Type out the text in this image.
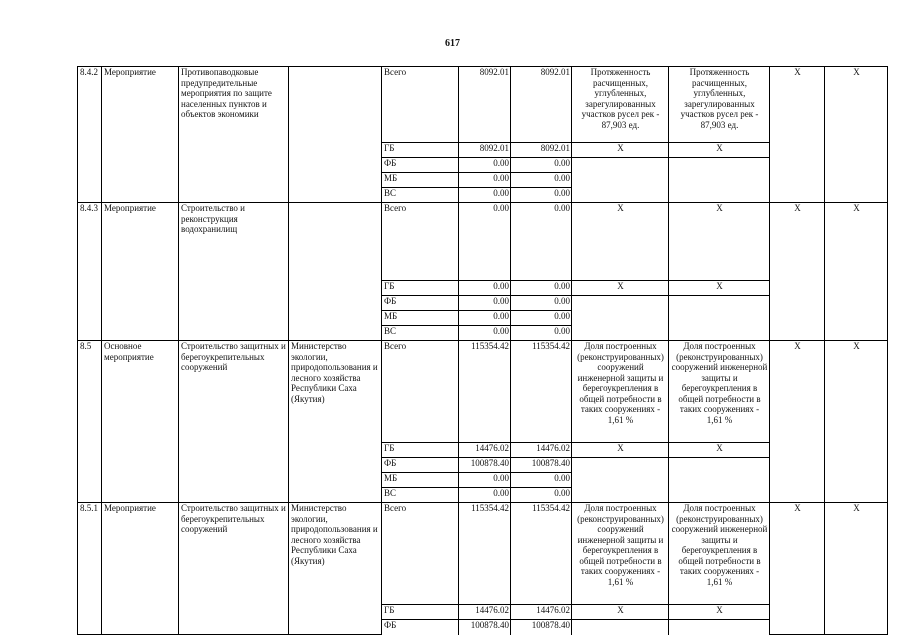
617
8.4.2	Мероприятие	Противопаводковые предупредительные мероприятия по защите населенных пунктов и объектов экономики		Всего	8092.01	8092.01	Протяженность расчищенных, углубленных, зарегулированных участков русел рек - 87,903 ед.	Протяженность расчищенных, углубленных, зарегулированных участков русел рек - 87,903 ед.	X	X
				ГБ	8092.01	8092.01	X	X		
				ФБ	0.00	0.00				
				МБ	0.00	0.00				
				ВС	0.00	0.00				
8.4.3	Мероприятие	Строительство и реконструкция водохранилищ		Всего	0.00	0.00	X	X	X	X
				ГБ	0.00	0.00	X	X		
				ФБ	0.00	0.00				
				МБ	0.00	0.00				
				ВС	0.00	0.00				
8.5	Основное мероприятие	Строительство защитных и берегоукрепительных сооружений	Министерство экологии, природопользования и лесного хозяйства Республики Саха (Якутия)	Всего	115354.42	115354.42	Доля построенных (реконструированных) сооружений инженерной защиты и берегоукрепления в общей потребности в таких сооружениях - 1,61 %	Доля построенных (реконструированных) сооружений инженерной защиты и берегоукрепления в общей потребности в таких сооружениях - 1,61 %	X	X
				ГБ	14476.02	14476.02	X	X		
				ФБ	100878.40	100878.40				
				МБ	0.00	0.00				
				ВС	0.00	0.00				
8.5.1	Мероприятие	Строительство защитных и берегоукрепительных сооружений	Министерство экологии, природопользования и лесного хозяйства Республики Саха (Якутия)	Всего	115354.42	115354.42	Доля построенных (реконструированных) сооружений инженерной защиты и берегоукрепления в общей потребности в таких сооружениях - 1,61 %	Доля построенных (реконструированных) сооружений инженерной защиты и берегоукрепления в общей потребности в таких сооружениях - 1,61 %	X	X
				ГБ	14476.02	14476.02	X	X		
				ФБ	100878.40	100878.40				
